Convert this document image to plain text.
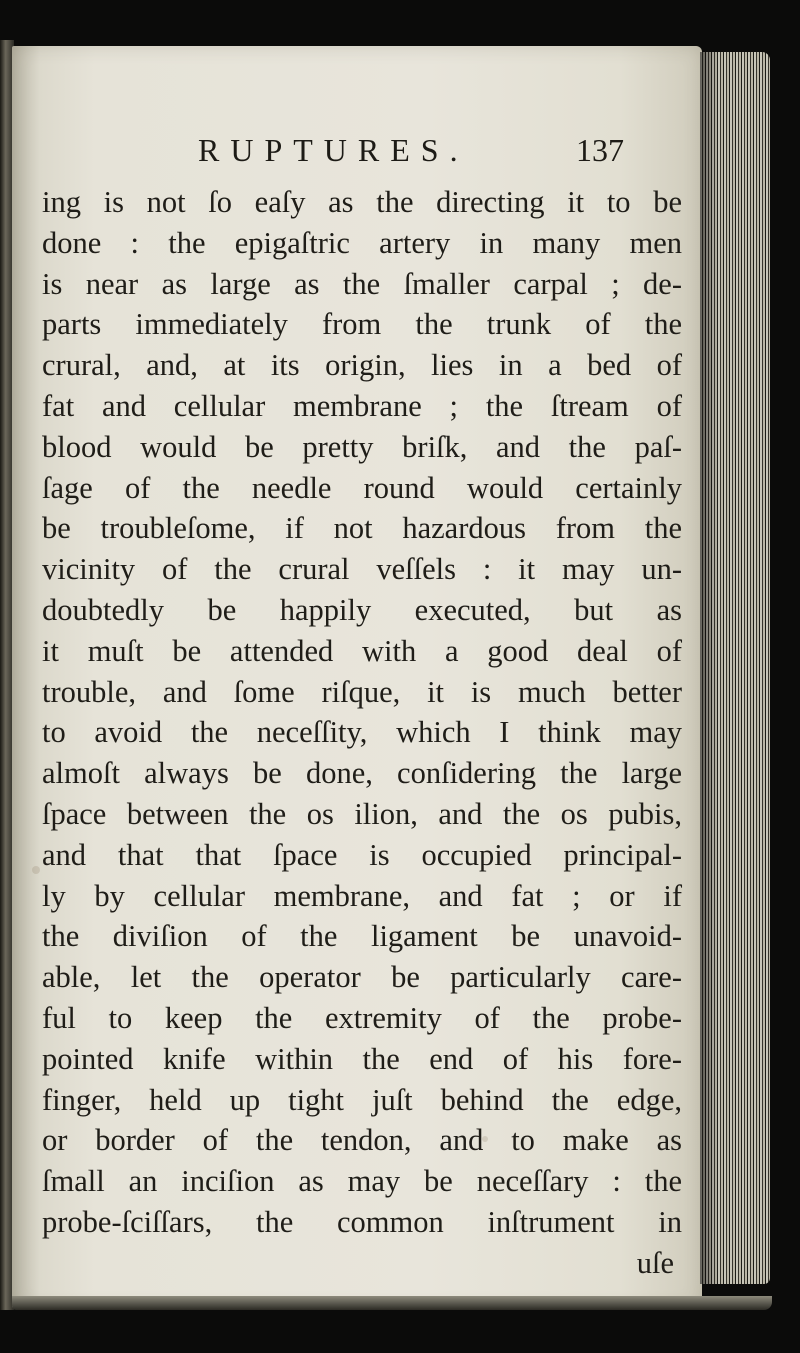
RUPTURES.	137
ing is not ſo eaſy as the directing it to be
done : the epigaſtric artery in many men
is near as large as the ſmaller carpal ; de-
parts immediately from the trunk of the
crural, and, at its origin, lies in a bed of
fat and cellular membrane ; the ſtream of
blood would be pretty briſk, and the paſ-
ſage of the needle round would certainly
be troubleſome, if not hazardous from the
vicinity of the crural veſſels : it may un-
doubtedly be happily executed, but as
it muſt be attended with a good deal of
trouble, and ſome riſque, it is much better
to avoid the neceſſity, which I think may
almoſt always be done, conſidering the large
ſpace between the os ilion, and the os pubis,
and that that ſpace is occupied principal-
ly by cellular membrane, and fat ; or if
the diviſion of the ligament be unavoid-
able, let the operator be particularly care-
ful to keep the extremity of the probe-
pointed knife within the end of his fore-
finger, held up tight juſt behind the edge,
or border of the tendon, and to make as
ſmall an inciſion as may be neceſſary : the
probe-ſciſſars, the common inſtrument in
uſe
